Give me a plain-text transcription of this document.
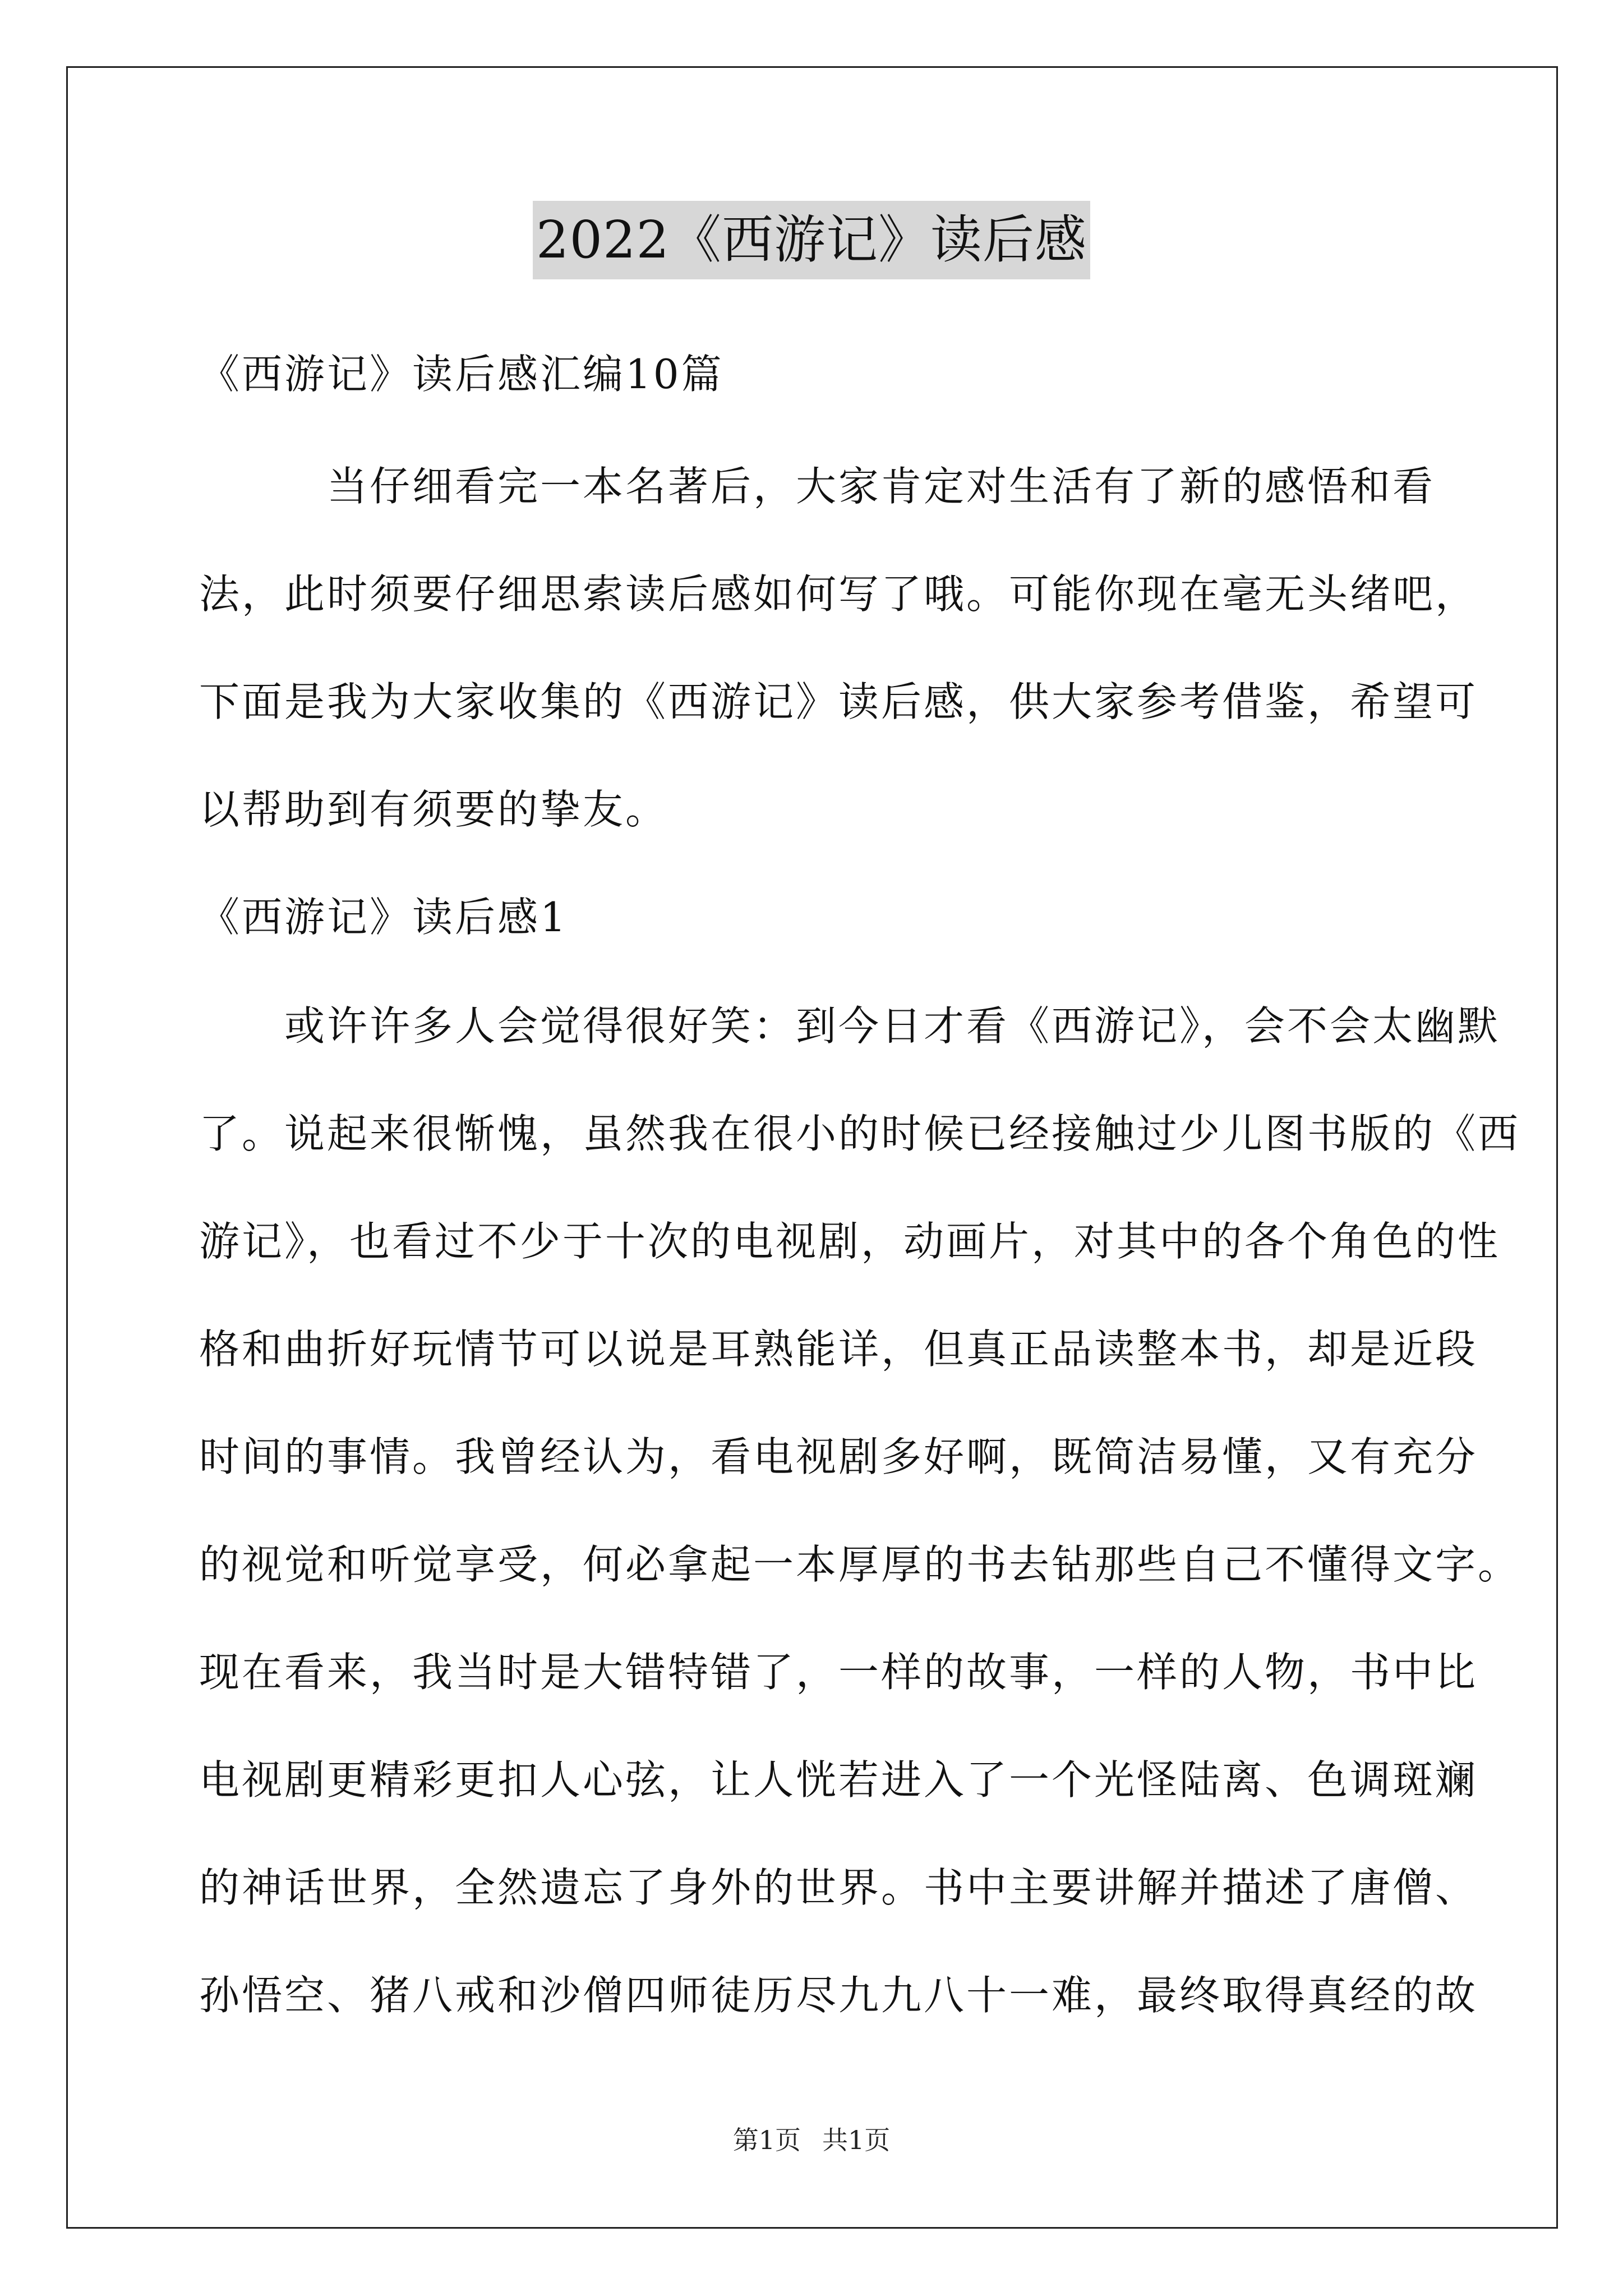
2022《西游记》读后感
《西游记》读后感汇编10篇
　　　当仔细看完一本名著后，大家肯定对生活有了新的感悟和看
法，此时须要仔细思索读后感如何写了哦。可能你现在毫无头绪吧，
下面是我为大家收集的《西游记》读后感，供大家参考借鉴，希望可
以帮助到有须要的挚友。
《西游记》读后感1
　　或许许多人会觉得很好笑：到今日才看《西游记》，会不会太幽默
了。说起来很惭愧，虽然我在很小的时候已经接触过少儿图书版的《西
游记》，也看过不少于十次的电视剧，动画片，对其中的各个角色的性
格和曲折好玩情节可以说是耳熟能详，但真正品读整本书，却是近段
时间的事情。我曾经认为，看电视剧多好啊，既简洁易懂，又有充分
的视觉和听觉享受，何必拿起一本厚厚的书去钻那些自己不懂得文字。
现在看来，我当时是大错特错了，一样的故事，一样的人物，书中比
电视剧更精彩更扣人心弦，让人恍若进入了一个光怪陆离、色调斑斓
的神话世界，全然遗忘了身外的世界。书中主要讲解并描述了唐僧、
孙悟空、猪八戒和沙僧四师徒历尽九九八十一难，最终取得真经的故
第1页 共1页
